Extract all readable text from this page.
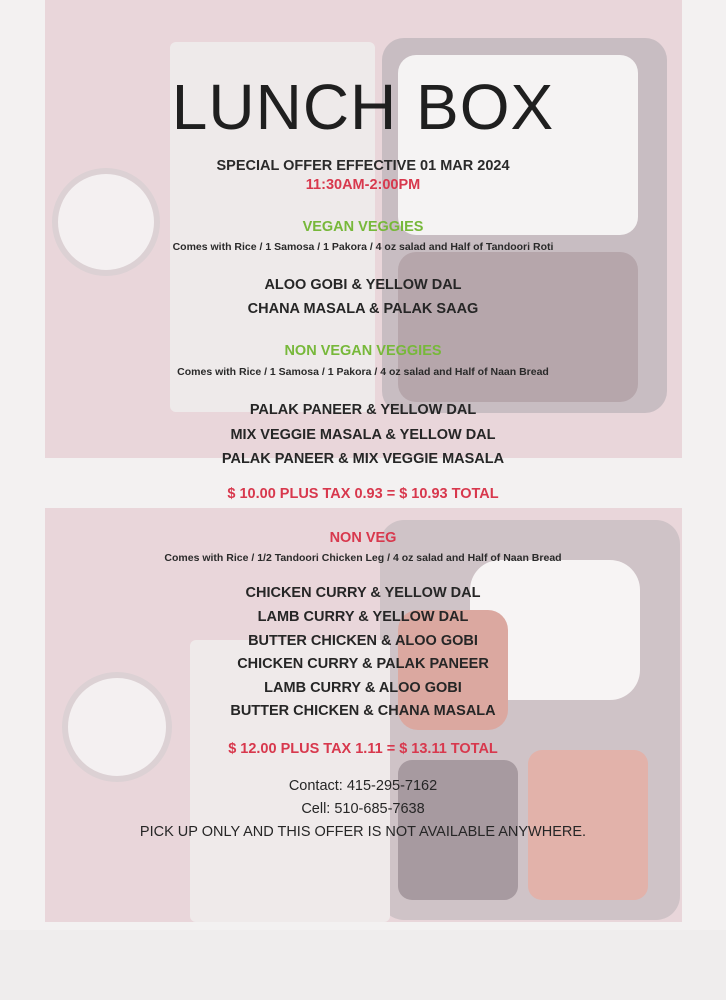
LUNCH BOX
SPECIAL OFFER EFFECTIVE 01 MAR 2024
11:30AM-2:00PM
VEGAN VEGGIES
Comes with Rice / 1 Samosa / 1 Pakora / 4 oz salad and Half of Tandoori Roti
ALOO GOBI & YELLOW DAL
CHANA MASALA & PALAK SAAG
NON VEGAN VEGGIES
Comes with Rice / 1 Samosa / 1 Pakora / 4 oz salad and Half of Naan Bread
PALAK PANEER & YELLOW DAL
MIX VEGGIE MASALA & YELLOW DAL
PALAK PANEER & MIX VEGGIE MASALA
$ 10.00 PLUS TAX 0.93 = $ 10.93 TOTAL
NON VEG
Comes with Rice / 1/2 Tandoori Chicken Leg / 4 oz salad and Half of Naan Bread
CHICKEN CURRY & YELLOW DAL
LAMB CURRY & YELLOW DAL
BUTTER CHICKEN & ALOO GOBI
CHICKEN CURRY & PALAK PANEER
LAMB CURRY & ALOO GOBI
BUTTER CHICKEN & CHANA MASALA
$ 12.00 PLUS TAX 1.11 = $ 13.11 TOTAL
Contact: 415-295-7162
Cell: 510-685-7638
PICK UP ONLY AND THIS OFFER IS NOT AVAILABLE ANYWHERE.
